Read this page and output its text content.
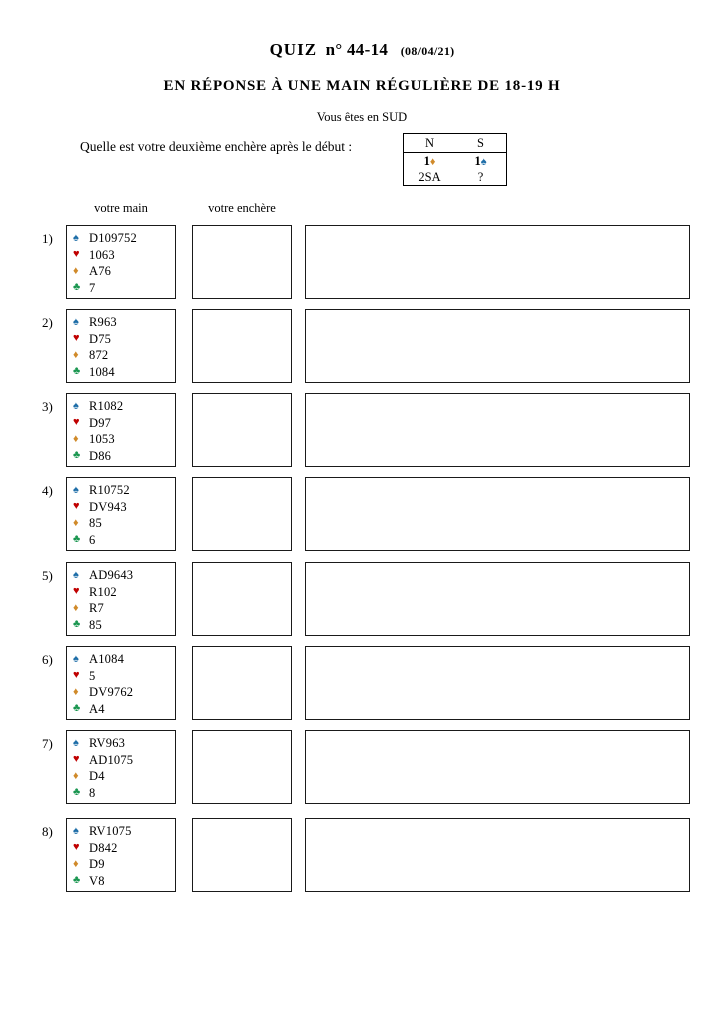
QUIZ n° 44-14 (08/04/21)
EN RÉPONSE À UNE MAIN RÉGULIÈRE DE 18-19 H
Vous êtes en SUD
Quelle est votre deuxième enchère après le début :	N	S
1♦	1♠
2SA	?
votre main	votre enchère
1) ♠ D109752
♥ 1063
♦ A76
♣ 7
2) ♠ R963
♥ D75
♦ 872
♣ 1084
3) ♠ R1082
♥ D97
♦ 1053
♣ D86
4) ♠ R10752
♥ DV943
♦ 85
♣ 6
5) ♠ AD9643
♥ R102
♦ R7
♣ 85
6) ♠ A1084
♥ 5
♦ DV9762
♣ A4
7) ♠ RV963
♥ AD1075
♦ D4
♣ 8
8) ♠ RV1075
♥ D842
♦ D9
♣ V8
